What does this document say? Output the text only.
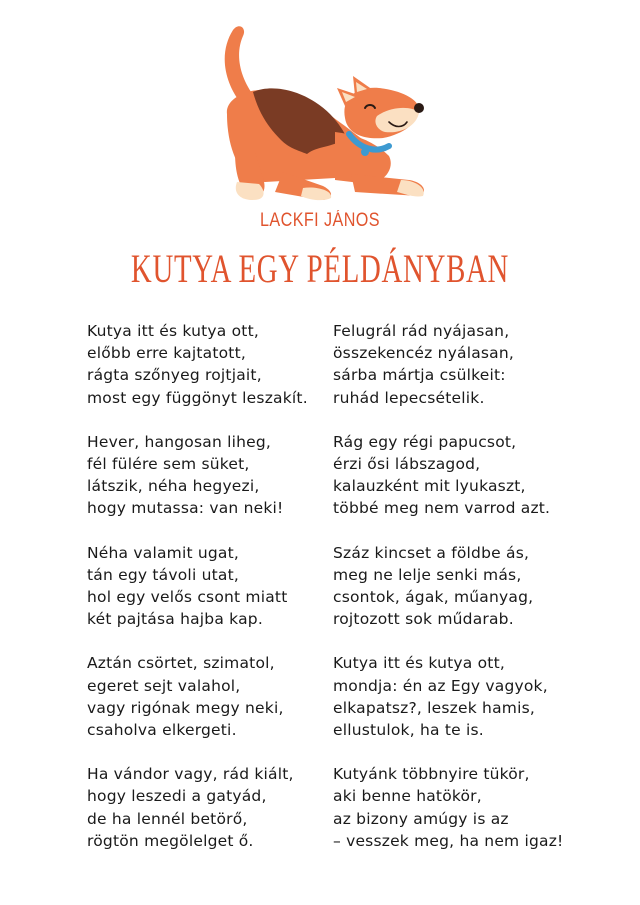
LACKFI JÁNOS
KUTYA EGY PÉLDÁNYBAN
Kutya itt és kutya ott,
előbb erre kajtatott,
rágta szőnyeg rojtjait,
most egy függönyt leszakít.
Hever, hangosan liheg,
fél fülére sem süket,
látszik, néha hegyezi,
hogy mutassa: van neki!
Néha valamit ugat,
tán egy távoli utat,
hol egy velős csont miatt
két pajtása hajba kap.
Aztán csörtet, szimatol,
egeret sejt valahol,
vagy rigónak megy neki,
csaholva elkergeti.
Ha vándor vagy, rád kiált,
hogy leszedi a gatyád,
de ha lennél betörő,
rögtön megölelget ő.
Felugrál rád nyájasan,
összekencéz nyálasan,
sárba mártja csülkeit:
ruhád lepecsételik.
Rág egy régi papucsot,
érzi ősi lábszagod,
kalauzként mit lyukaszt,
többé meg nem varrod azt.
Száz kincset a földbe ás,
meg ne lelje senki más,
csontok, ágak, műanyag,
rojtozott sok műdarab.
Kutya itt és kutya ott,
mondja: én az Egy vagyok,
elkapatsz?, leszek hamis,
ellustulok, ha te is.
Kutyánk többnyire tükör,
aki benne hatökör,
az bizony amúgy is az
– vesszek meg, ha nem igaz!
